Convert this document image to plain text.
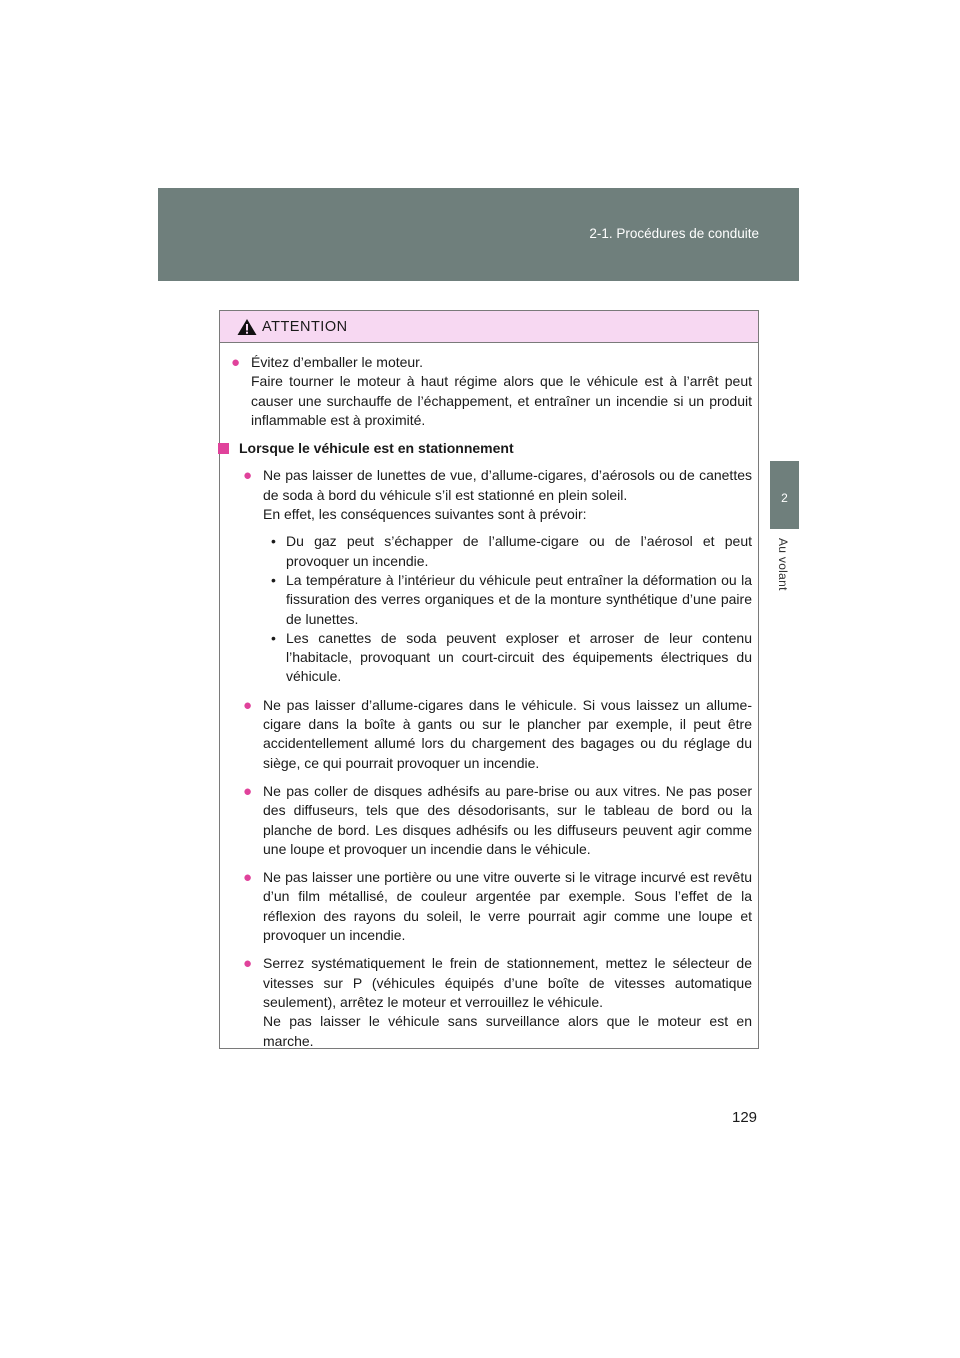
2-1. Procédures de conduite
2
Au volant
ATTENTION
● Évitez d’emballer le moteur.

Faire tourner le moteur à haut régime alors que le véhicule est à l’arrêt peut causer une surchauffe de l’échappement, et entraîner un incendie si un produit inflammable est à proximité.

Lorsque le véhicule est en stationnement
● Ne pas laisser de lunettes de vue, d’allume-cigares, d’aérosols ou de canettes de soda à bord du véhicule s’il est stationné en plein soleil.

En effet, les conséquences suivantes sont à prévoir:

• Du gaz peut s’échapper de l’allume-cigare ou de l’aérosol et peut provoquer un incendie.

• La température à l’intérieur du véhicule peut entraîner la déformation ou la fissuration des verres organiques et de la monture synthétique d’une paire de lunettes.

• Les canettes de soda peuvent exploser et arroser de leur contenu l’habitacle, provoquant un court-circuit des équipements électriques du véhicule.

● Ne pas laisser d’allume-cigares dans le véhicule. Si vous laissez un allume-cigare dans la boîte à gants ou sur le plancher par exemple, il peut être accidentellement allumé lors du chargement des bagages ou du réglage du siège, ce qui pourrait provoquer un incendie.

● Ne pas coller de disques adhésifs au pare-brise ou aux vitres. Ne pas poser des diffuseurs, tels que des désodorisants, sur le tableau de bord ou la planche de bord. Les disques adhésifs ou les diffuseurs peuvent agir comme une loupe et provoquer un incendie dans le véhicule.

● Ne pas laisser une portière ou une vitre ouverte si le vitrage incurvé est revêtu d’un film métallisé, de couleur argentée par exemple. Sous l’effet de la réflexion des rayons du soleil, le verre pourrait agir comme une loupe et provoquer un incendie.

● Serrez systématiquement le frein de stationnement, mettez le sélecteur de vitesses sur P (véhicules équipés d’une boîte de vitesses automatique seulement), arrêtez le moteur et verrouillez le véhicule.

Ne pas laisser le véhicule sans surveillance alors que le moteur est en marche.

129
